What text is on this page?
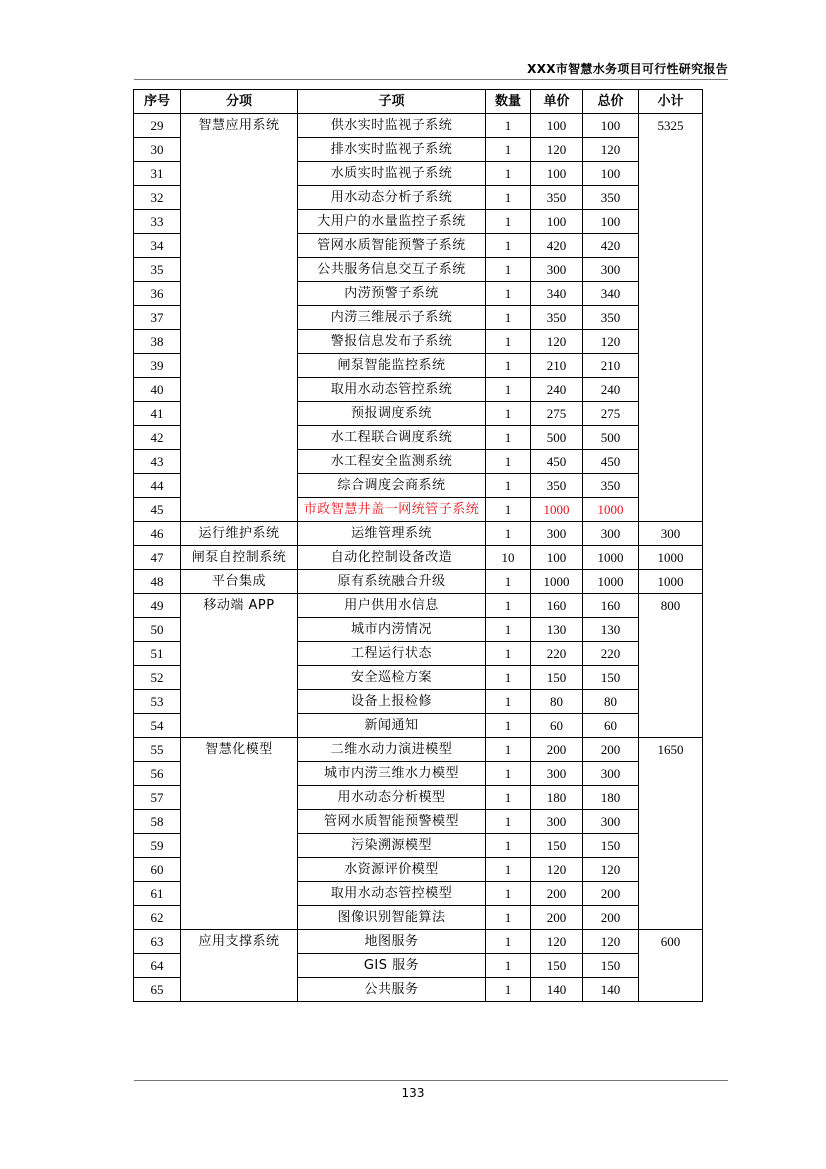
XXX市智慧水务项目可行性研究报告
序号	分项	子项	数量	单价	总价	小计
29	智慧应用系统	供水实时监视子系统	1	100	100	5325
30		排水实时监视子系统	1	120	120	
31		水质实时监视子系统	1	100	100	
32		用水动态分析子系统	1	350	350	
33		大用户的水量监控子系统	1	100	100	
34		管网水质智能预警子系统	1	420	420	
35		公共服务信息交互子系统	1	300	300	
36		内涝预警子系统	1	340	340	
37		内涝三维展示子系统	1	350	350	
38		警报信息发布子系统	1	120	120	
39		闸泵智能监控系统	1	210	210	
40		取用水动态管控系统	1	240	240	
41		预报调度系统	1	275	275	
42		水工程联合调度系统	1	500	500	
43		水工程安全监测系统	1	450	450	
44		综合调度会商系统	1	350	350	
45		市政智慧井盖一网统管子系统	1	1000	1000	
46	运行维护系统	运维管理系统	1	300	300	300
47	闸泵自控制系统	自动化控制设备改造	10	100	1000	1000
48	平台集成	原有系统融合升级	1	1000	1000	1000
49	移动端 APP	用户供用水信息	1	160	160	800
50		城市内涝情况	1	130	130	
51		工程运行状态	1	220	220	
52		安全巡检方案	1	150	150	
53		设备上报检修	1	80	80	
54		新闻通知	1	60	60	
55	智慧化模型	二维水动力演进模型	1	200	200	1650
56		城市内涝三维水力模型	1	300	300	
57		用水动态分析模型	1	180	180	
58		管网水质智能预警模型	1	300	300	
59		污染溯源模型	1	150	150	
60		水资源评价模型	1	120	120	
61		取用水动态管控模型	1	200	200	
62		图像识别智能算法	1	200	200	
63	应用支撑系统	地图服务	1	120	120	600
64		GIS 服务	1	150	150	
65		公共服务	1	140	140	
133
